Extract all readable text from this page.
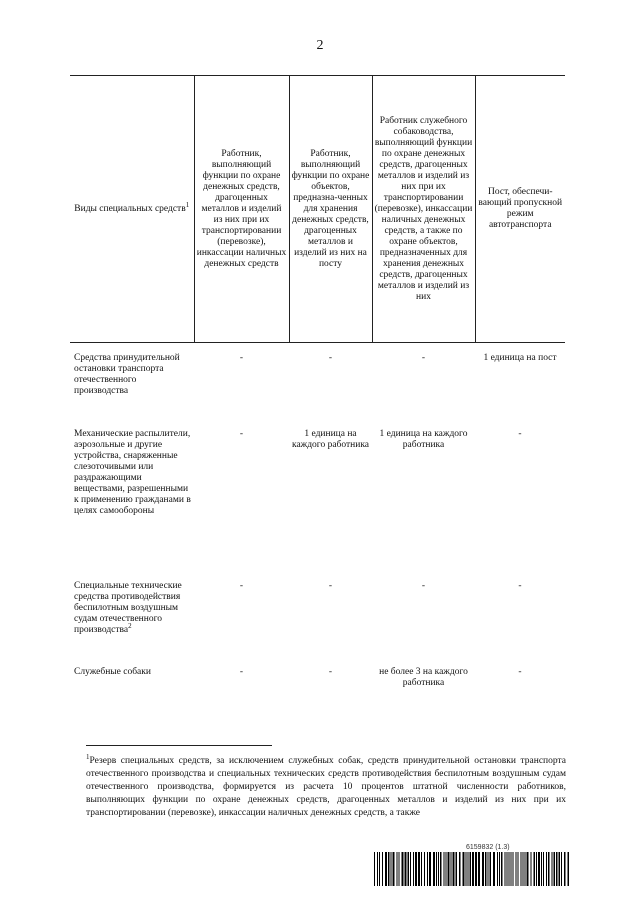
2
Виды специальных средств$^1$	Работник, выполняющий функции по охране денежных средств, драгоценных металлов и изделий из них при их транспортировании (перевозке), инкассации наличных денежных средств	Работник, выполняющий функции по охране объектов, предназна-ченных для хранения денежных средств, драгоценных металлов и изделий из них на посту	Работник служебного собаководства, выполняющий функции по охране денежных средств, драгоценных металлов и изделий из них при их транспортировании (перевозке), инкассации наличных денежных средств, а также по охране объектов, предназначенных для хранения денежных средств, драгоценных металлов и изделий из них	Пост, обеспечи-вающий пропускной режим автотранспорта

Средства принудительной остановки транспорта отечественного производства	-	-	-	1 единица на пост
Механические распылители, аэрозольные и другие устройства, снаряженные слезоточивыми или раздражающими веществами, разрешенными к применению гражданами в целях самообороны	-	1 единица на каждого работника	1 единица на каждого работника	-
Специальные технические средства противодействия беспилотным воздушным судам отечественного производства$^2$	-	-	-	-
Служебные собаки	-	-	не более 3 на каждого работника	-
$^1$Резерв специальных средств, за исключением служебных собак, средств принудительной остановки транспорта отечественного производства и специальных технических средств противодействия беспилотным воздушным судам отечественного производства, формируется из расчета 10 процентов штатной численности работников, выполняющих функции по охране денежных средств, драгоценных металлов и изделий из них при их транспортировании (перевозке), инкассации наличных денежных средств, а также
6159832 (1.3)
